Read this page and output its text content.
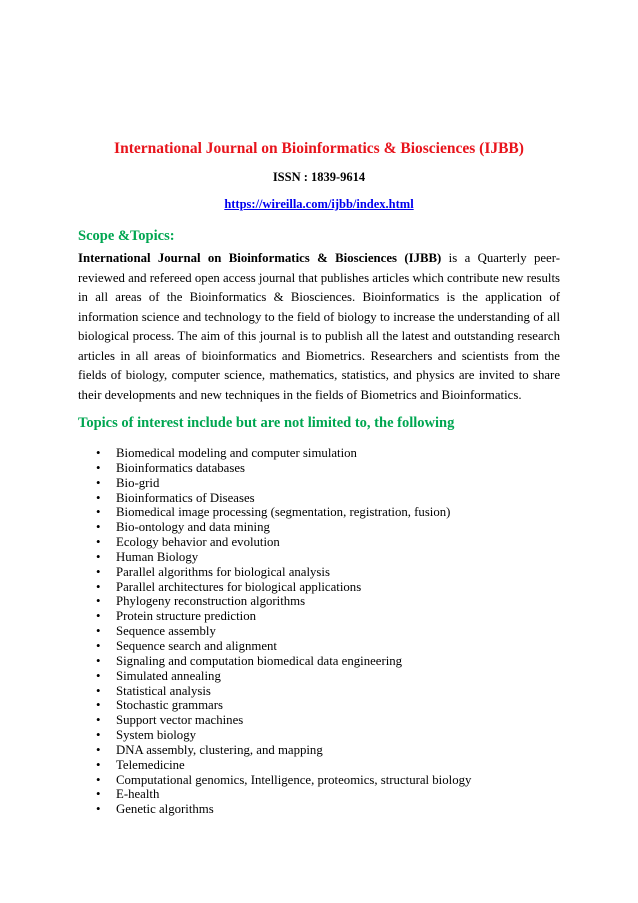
International Journal on Bioinformatics & Biosciences (IJBB)
ISSN : 1839-9614
https://wireilla.com/ijbb/index.html
Scope &Topics:

International Journal on Bioinformatics & Biosciences (IJBB) is a Quarterly peer-reviewed and refereed open access journal that publishes articles which contribute new results in all areas of the Bioinformatics & Biosciences. Bioinformatics is the application of information science and technology to the field of biology to increase the understanding of all biological process. The aim of this journal is to publish all the latest and outstanding research articles in all areas of bioinformatics and Biometrics. Researchers and scientists from the fields of biology, computer science, mathematics, statistics, and physics are invited to share their developments and new techniques in the fields of Biometrics and Bioinformatics.

Topics of interest include but are not limited to, the following
• Biomedical modeling and computer simulation
• Bioinformatics databases
• Bio-grid
• Bioinformatics of Diseases
• Biomedical image processing (segmentation, registration, fusion)
• Bio-ontology and data mining
• Ecology behavior and evolution
• Human Biology
• Parallel algorithms for biological analysis
• Parallel architectures for biological applications
• Phylogeny reconstruction algorithms
• Protein structure prediction
• Sequence assembly
• Sequence search and alignment
• Signaling and computation biomedical data engineering
• Simulated annealing
• Statistical analysis
• Stochastic grammars
• Support vector machines
• System biology
• DNA assembly, clustering, and mapping
• Telemedicine
• Computational genomics, Intelligence, proteomics, structural biology
• E-health
• Genetic algorithms
